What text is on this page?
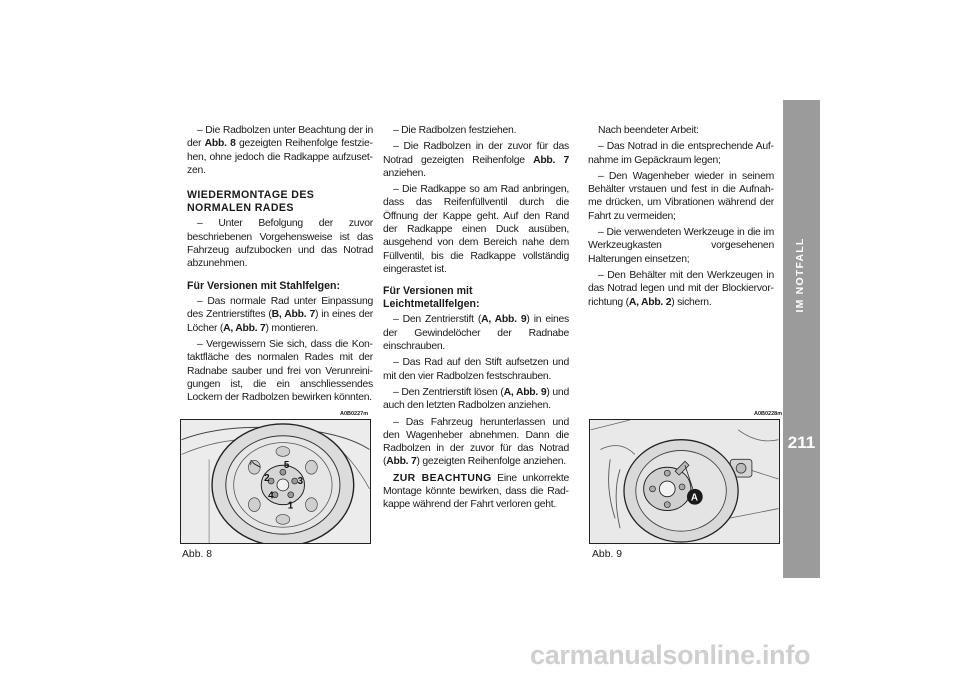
– Die Radbolzen unter Beachtung der in der Abb. 8 gezeigten Reihenfolge festziehen, ohne jedoch die Radkappe aufzusetzen.

WIEDERMONTAGE DES NORMALEN RADES

– Unter Befolgung der zuvor beschriebenen Vorgehensweise ist das Fahrzeug aufzubocken und das Notrad abzunehmen.

Für Versionen mit Stahlfelgen:

– Das normale Rad unter Einpassung des Zentrierstiftes (B, Abb. 7) in eines der Löcher (A, Abb. 7) montieren.

– Vergewissern Sie sich, dass die Kontaktfläche des normalen Rades mit der Radnabe sauber und frei von Verunreinigungen ist, die ein anschliessendes Lockern der Radbolzen bewirken könnten.

– Die Radbolzen festziehen.

– Die Radbolzen in der zuvor für das Notrad gezeigten Reihenfolge Abb. 7 anziehen.

– Die Radkappe so am Rad anbringen, dass das Reifenfüllventil durch die Öffnung der Kappe geht. Auf den Rand der Radkappe einen Duck ausüben, ausgehend von dem Bereich nahe dem Füllventil, bis die Radkappe vollständig eingerastet ist.

Für Versionen mit Leichtmetallfelgen:

– Den Zentrierstift (A, Abb. 9) in eines der Gewindelöcher der Radnabe einschrauben.

– Das Rad auf den Stift aufsetzen und mit den vier Radbolzen festschrauben.

– Den Zentrierstift lösen (A, Abb. 9) und auch den letzten Radbolzen anziehen.

– Das Fahrzeug herunterlassen und den Wagenheber abnehmen. Dann die Radbolzen in der zuvor für das Notrad (Abb. 7) gezeigten Reihenfolge anziehen.

ZUR BEACHTUNG Eine unkorrekte Montage könnte bewirken, dass die Radkappe während der Fahrt verloren geht.

Nach beendeter Arbeit:

– Das Notrad in die entsprechende Aufnahme im Gepäckraum legen;

– Den Wagenheber wieder in seinem Behälter vrstauen und fest in die Aufnahme drücken, um Vibrationen während der Fahrt zu vermeiden;

– Die verwendeten Werkzeuge in die im Werkzeugkasten vorgesehenen Halterungen einsetzen;

– Den Behälter mit den Werkzeugen in das Notrad legen und mit der Blockiervorrichtung (A, Abb. 2) sichern.

A0B0227m
A	5
3
1
4
2
Abb. 8
A0B0228m
A
Abb. 9
IM NOTFALL
211
carmanualsonline.info
